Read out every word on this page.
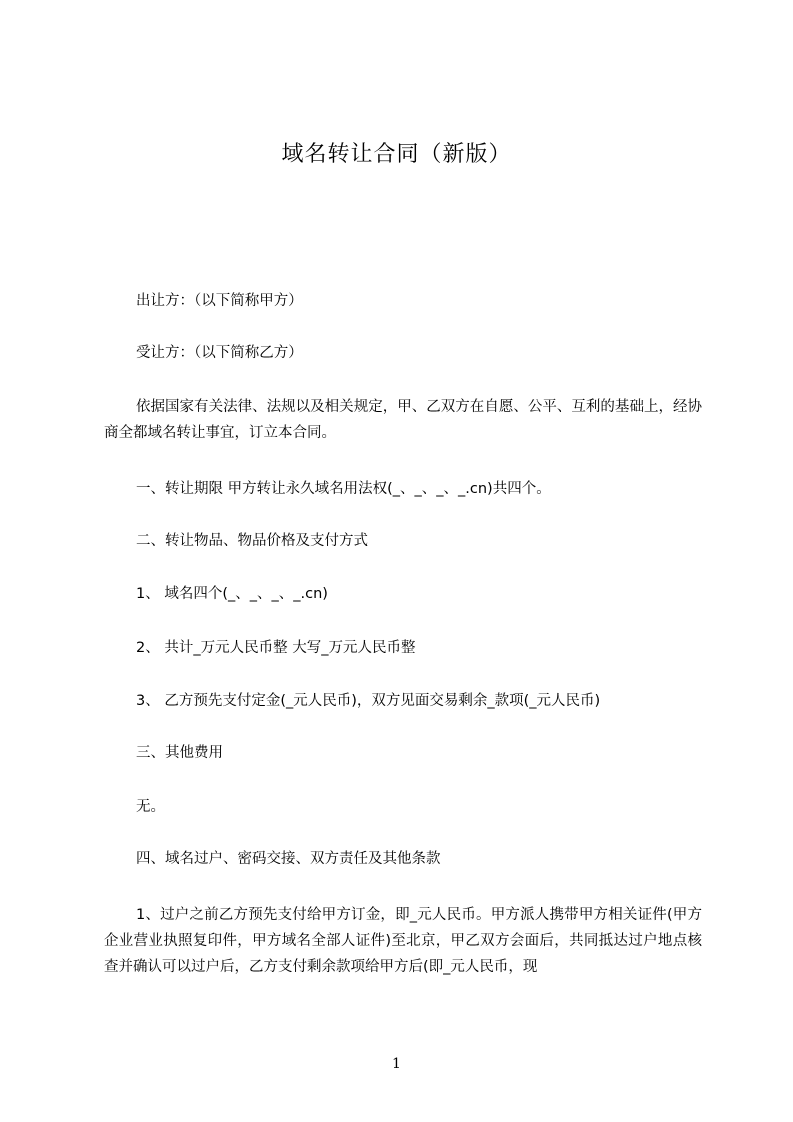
域名转让合同（新版）
出让方：（以下简称甲方）
受让方：（以下简称乙方）
依据国家有关法律、法规以及相关规定，甲、乙双方在自愿、公平、互利的基础上，经协商全都域名转让事宜，订立本合同。
一、转让期限 甲方转让永久域名用法权(_、_、_、_.cn)共四个。
二、转让物品、物品价格及支付方式
1、 域名四个(_、_、_、_.cn)
2、 共计_万元人民币整 大写_万元人民币整
3、 乙方预先支付定金(_元人民币)，双方见面交易剩余_款项(_元人民币)
三、其他费用
无。
四、域名过户、密码交接、双方责任及其他条款
1、过户之前乙方预先支付给甲方订金，即_元人民币。甲方派人携带甲方相关证件(甲方企业营业执照复印件，甲方域名全部人证件)至北京，甲乙双方会面后，共同抵达过户地点核查并确认可以过户后，乙方支付剩余款项给甲方后(即_元人民币，现
1
